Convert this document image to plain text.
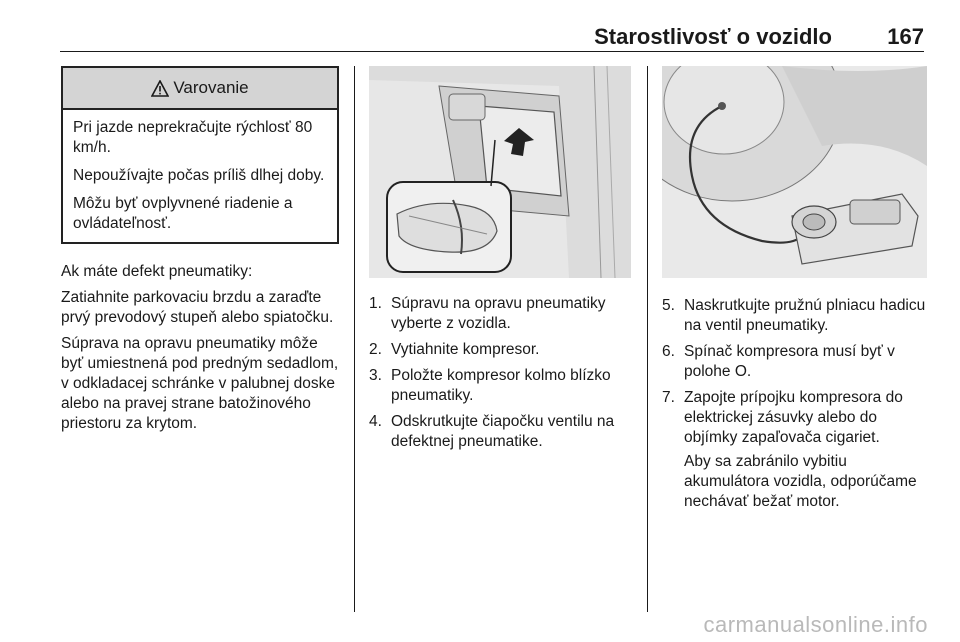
Starostlivosť o vozidlo	167
Varovanie

Pri jazde neprekračujte rýchlosť 80 km/h.

Nepoužívajte počas príliš dlhej doby.

Môžu byť ovplyvnené riadenie a ovládateľnosť.

Ak máte defekt pneumatiky:

Zatiahnite parkovaciu brzdu a zaraďte prvý prevodový stupeň alebo spiatočku.

Súprava na opravu pneumatiky môže byť umiestnená pod predným sedadlom, v odkladacej schránke v palubnej doske alebo na pravej strane batožinového priestoru za krytom.

1. Súpravu na opravu pneumatiky vyberte z vozidla.
2. Vytiahnite kompresor.
3. Položte kompresor kolmo blízko pneumatiky.
4. Odskrutkujte čiapočku ventilu na defektnej pneumatike.
5. Naskrutkujte pružnú plniacu hadicu na ventil pneumatiky.
6. Spínač kompresora musí byť v polohe O.
7. Zapojte prípojku kompresora do elektrickej zásuvky alebo do objímky zapaľovača cigariet.
Aby sa zabránilo vybitiu akumulátora vozidla, odporúčame nechávať bežať motor.
carmanualsonline.info
